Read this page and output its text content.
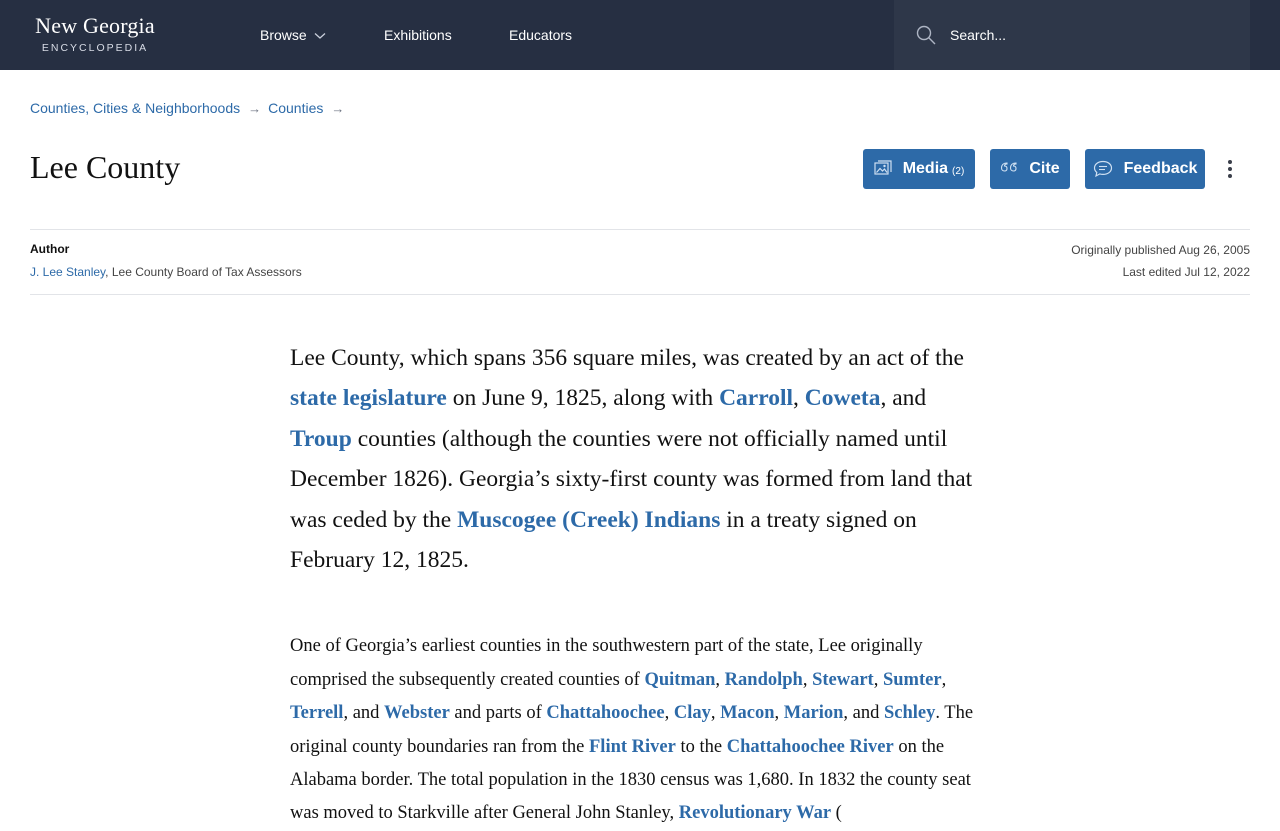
New Georgia
ENCYCLOPEDIA
Browse	Exhibitions	Educators
Search...
Counties, Cities & Neighborhoods → Counties →
Lee County	Media (2)	Cite	Feedback
Author
J. Lee Stanley, Lee County Board of Tax Assessors
Originally published Aug 26, 2005
Last edited Jul 12, 2022

Lee County, which spans 356 square miles, was created by an act of the state legislature on June 9, 1825, along with Carroll, Coweta, and Troup counties (although the counties were not officially named until December 1826). Georgia’s sixty-first county was formed from land that was ceded by the Muscogee (Creek) Indians in a treaty signed on February 12, 1825.

One of Georgia’s earliest counties in the southwestern part of the state, Lee originally comprised the subsequently created counties of Quitman, Randolph, Stewart, Sumter, Terrell, and Webster and parts of Chattahoochee, Clay, Macon, Marion, and Schley. The original county boundaries ran from the Flint River to the Chattahoochee River on the Alabama border. The total population in the 1830 census was 1,680. In 1832 the county seat was moved to Starkville after General John Stanley, Revolutionary War (
